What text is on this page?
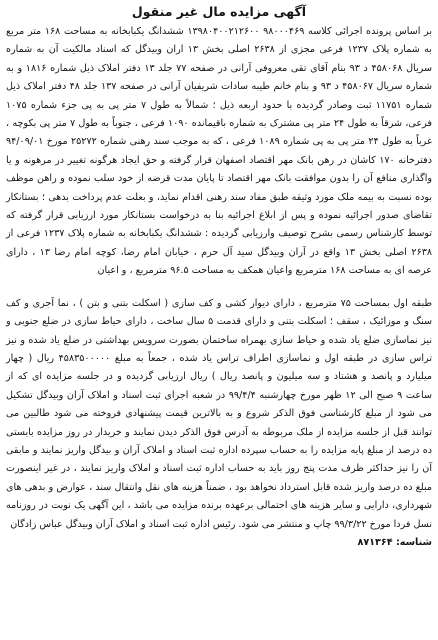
آگهی مزایده مال غیر منقول

بر اساس پرونده اجرائی کلاسه ۹۸۰۰۰۴۶۹ ۱۳۹۸۰۴۰۰۲۱۲۶۰۰ ششدانگ یکبابخانه به مساحت ۱۶۸ متر مربع به شماره پلاک ۱۲۳۷ فرعی مجزی از ۲۶۳۸ اصلی بخش ۱۳ اران وبیدگل که اسناد مالکیت آن به شماره سریال ۴۵۸۰۶۸ د ۹۳ بنام آقای تقی معروفی آرانی در صفحه ۷۷ جلد ۱۳ دفتر املاک ذیل شماره ۱۸۱۶ و به شماره سریال ۴۵۸۰۶۷ د ۹۳ و بنام خانم طیبه سادات شریفیان آرانی در صفحه ۱۳۷ جلد ۴۸ دفتر املاک ذیل شماره ۱۱۷۵۱ ثبت وصادر گردیده با حدود اربعه ذیل ؛ شمالاً به طول ۷ متر پی به پی جزء شماره ۱۰۷۵ فرعی، شرقاً به طول ۲۴ متر پی مشترک به شماره باقیمانده ۱۰۹۰ فرعی ، جنوباً به طول ۷ متر پی بکوچه ، غرباً به طول ۲۴ متر پی به پی شماره ۱۰۸۹ فرعی ، که به موجب سند رهنی شماره ۲۵۲۷۲ مورخ ۹۴/۰۹/۰۱ دفترخانه ۱۷۰ کاشان در رهن بانک مهر اقتصاد اصفهان قرار گرفته و حق ایجاد هرگونه تغییر در مرهونه و یا واگذاری منافع آن را بدون موافقت بانک مهر اقتصاد تا پایان مدت قرضه از خود سلب نموده و راهن موظف بوده نسبت به بیمه ملک مورد وثیقه طبق مفاد سند رهنی اقدام نماید، و بعلت عدم پرداخت بدهی ؛ بستانکار تقاضای صدور اجرائیه نموده و پس از ابلاغ اجرائیه بنا به درخواست بستانکار مورد ارزیابی قرار گرفته که توسط کارشناس رسمی بشرح توصیف وارزیابی گردیده : ششدانگ یکبابخانه به شماره پلاک ۱۲۳۷ فرعی از ۲۶۳۸ اصلی بخش ۱۳ واقع در آران وبیدگل سید آل حرم ، خیابان امام رضا، کوچه امام رضا ۱۳ ، دارای عرصه ای به مساحت ۱۶۸ مترمربع واعیان همکف به مساحت ۹۶.۵ مترمربع ، و اعیان

طبقه اول بمساحت ۷۵ مترمربع ، دارای دیوار کشی و کف سازی ( اسکلت بتنی و بتن ) ، نما آجری و کف سنگ و موزائیک ، سقف ؛ اسکلت بتنی و دارای قدمت ۵ سال ساخت ، دارای حیاط سازی در ضلع جنوبی و نیز نماسازی ضلع یاد شده و حیاط سازی بهمراه ساختمان بصورت سرویس بهداشتی در ضلع یاد شده و نیز تراس سازی در طبقه اول و نماسازی اطراف تراس یاد شده ، جمعاً به مبلغ ۴۵۸۳۵۰۰۰۰۰ ریال ( چهار میلیارد و پانصد و هشتاد و سه میلیون و پانصد ریال ) ریال ارزیابی گردیده و در جلسه مزایده ای که از ساعت ۹ صبح الی ۱۲ ظهر مورخ چهارشنبه ۹۹/۴/۴ در شعبه اجرای ثبت اسناد و املاک آران وبیدگل تشکیل می شود از مبلغ کارشناسی فوق الذکر شروع و به بالاترین قیمت پیشنهادی فروخته می شود طالبین می توانند قبل از جلسه مزایده از ملک مربوطه به آدرس فوق الذکر دیدن نمایند و خریدار در روز مزایده بایستی ده درصد از مبلغ پایه مزایده را به حساب سپرده اداره ثبت اسناد و املاک آران و بیدگل واریز نمایند و مابقی آن را نیز حداکثر ظرف مدت پنج روز باید به حساب اداره ثبت اسناد و املاک واریز نمایند ، در غیر اینصورت مبلغ ده درصد واریز شده قابل استرداد نخواهد بود ، ضمناً هزینه های نقل وانتقال سند ، عوارض و بدهی های شهرداری، دارایی و سایر هزینه های احتمالی برعهده برنده مزایده می باشد ، این آگهی یک نوبت در روزنامه نسل فردا مورخ ۹۹/۳/۲۲ چاپ و منتشر می شود. رئیس اداره ثبت اسناد و املاک آران وبیدگل عباس زادگان

شناسه: ۸۷۱۳۶۴
